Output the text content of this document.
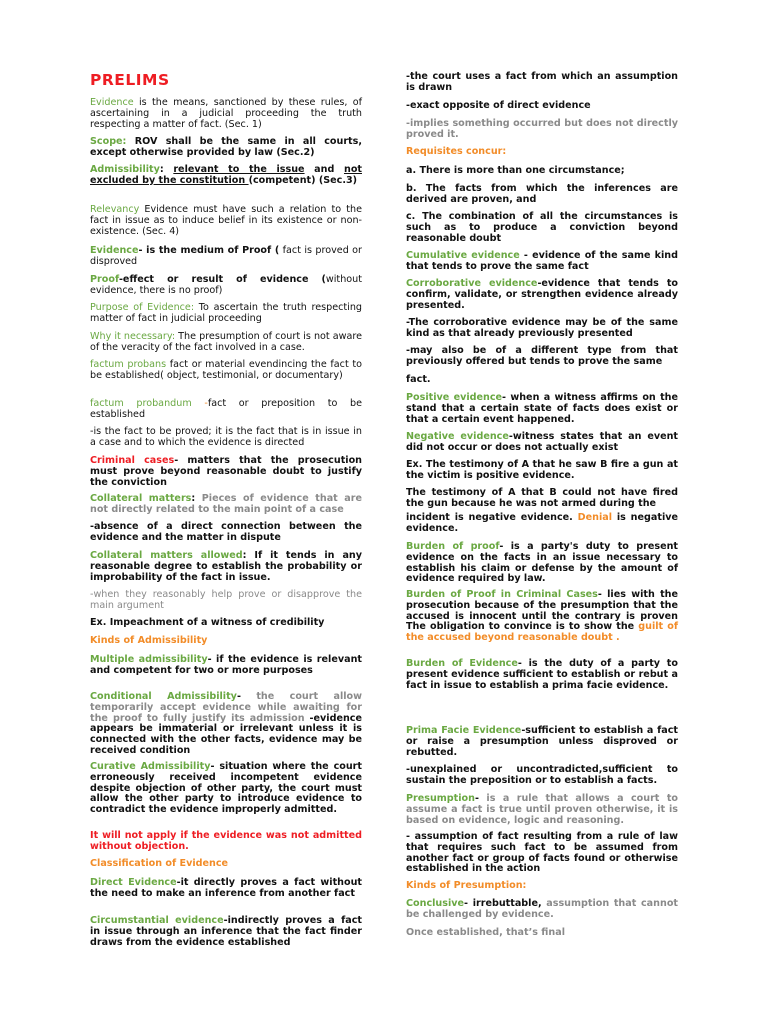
PRELIMS

Evidence is the means, sanctioned by these rules, of ascertaining in a judicial proceeding the truth respecting a matter of fact. (Sec. 1)

Scope: ROV shall be the same in all courts, except otherwise provided by law (Sec.2)

Admissibility: relevant to the issue and not excluded by the constitution (competent) (Sec.3)

Relevancy Evidence must have such a relation to the fact in issue as to induce belief in its existence or non-existence. (Sec. 4)

Evidence- is the medium of Proof ( fact is proved or disproved

Proof-effect or result of evidence (without evidence, there is no proof)

Purpose of Evidence: To ascertain the truth respecting matter of fact in judicial proceeding

Why it necessary: The presumption of court is not aware of the veracity of the fact involved in a case.

factum probans fact or material evendincing the fact to be established( object, testimonial, or documentary)

factum probandum -fact or preposition to be established

-is the fact to be proved; it is the fact that is in issue in a case and to which the evidence is directed

Criminal cases- matters that the prosecution must prove beyond reasonable doubt to justify the conviction

Collateral matters: Pieces of evidence that are not directly related to the main point of a case

-absence of a direct connection between the evidence and the matter in dispute

Collateral matters allowed: If it tends in any reasonable degree to establish the probability or improbability of the fact in issue.

-when they reasonably help prove or disapprove the main argument

Ex. Impeachment of a witness of credibility

Kinds of Admissibility

Multiple admissibility- if the evidence is relevant and competent for two or more purposes

Conditional Admissibility- the court allow temporarily accept evidence while awaiting for the proof to fully justify its admission -evidence appears be immaterial or irrelevant unless it is connected with the other facts, evidence may be received condition

Curative Admissibility- situation where the court erroneously received incompetent evidence despite objection of other party, the court must allow the other party to introduce evidence to contradict the evidence improperly admitted.

It will not apply if the evidence was not admitted without objection.

Classification of Evidence

Direct Evidence-it directly proves a fact without the need to make an inference from another fact

Circumstantial evidence-indirectly proves a fact in issue through an inference that the fact finder draws from the evidence established

-the court uses a fact from which an assumption is drawn

-exact opposite of direct evidence

-implies something occurred but does not directly proved it.

Requisites concur:

a. There is more than one circumstance;

b. The facts from which the inferences are derived are proven, and

c. The combination of all the circumstances is such as to produce a conviction beyond reasonable doubt

Cumulative evidence - evidence of the same kind that tends to prove the same fact

Corroborative evidence-evidence that tends to confirm, validate, or strengthen evidence already presented.

-The corroborative evidence may be of the same kind as that already previously presented

-may also be of a different type from that previously offered but tends to prove the same

fact.

Positive evidence- when a witness affirms on the stand that a certain state of facts does exist or that a certain event happened.

Negative evidence-witness states that an event did not occur or does not actually exist

Ex. The testimony of A that he saw B fire a gun at the victim is positive evidence.

The testimony of A that B could not have fired the gun because he was not armed during the

incident is negative evidence. Denial is negative evidence.

Burden of proof- is a party's duty to present evidence on the facts in an issue necessary to establish his claim or defense by the amount of evidence required by law.

Burden of Proof in Criminal Cases- lies with the prosecution because of the presumption that the accused is innocent until the contrary is proven The obligation to convince is to show the guilt of the accused beyond reasonable doubt .

Burden of Evidence- is the duty of a party to present evidence sufficient to establish or rebut a fact in issue to establish a prima facie evidence.

Prima Facie Evidence-sufficient to establish a fact or raise a presumption unless disproved or rebutted.

-unexplained or uncontradicted,sufficient to sustain the preposition or to establish a facts.

Presumption- is a rule that allows a court to assume a fact is true until proven otherwise, it is based on evidence, logic and reasoning.

- assumption of fact resulting from a rule of law that requires such fact to be assumed from another fact or group of facts found or otherwise established in the action

Kinds of Presumption:

Conclusive- irrebuttable, assumption that cannot be challenged by evidence.

Once established, that’s final
